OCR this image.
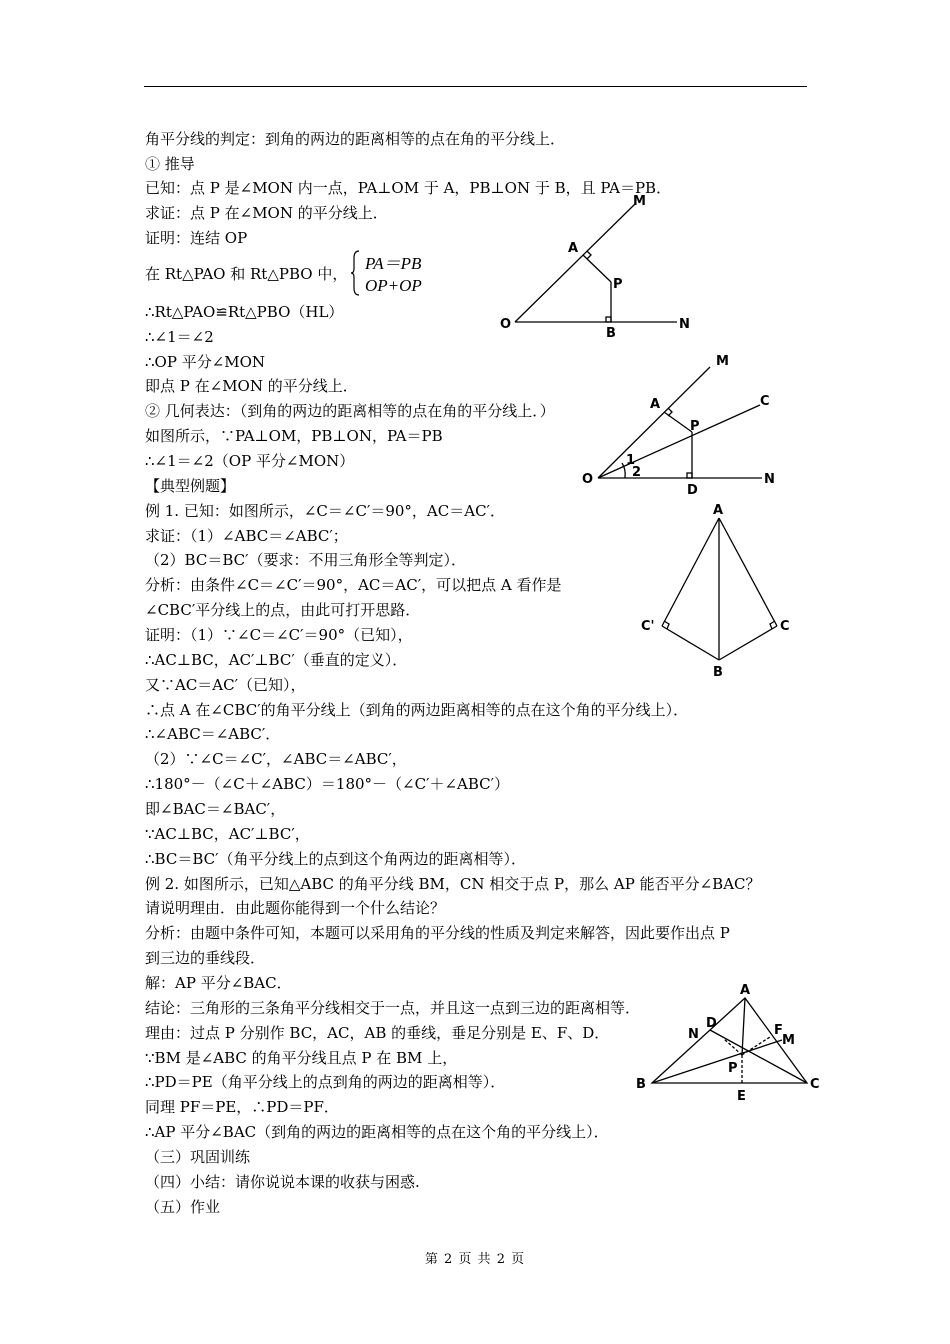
角平分线的判定：到角的两边的距离相等的点在角的平分线上．
① 推导
已知：点 P 是∠MON 内一点，PA⊥OM 于 A，PB⊥ON 于 B，且 PA＝PB．
求证：点 P 在∠MON 的平分线上．
证明：连结 OP
在 Rt△PAO 和 Rt△PBO 中，
∴Rt△PAO≌Rt△PBO（HL）
∴∠1＝∠2
∴OP 平分∠MON
即点 P 在∠MON 的平分线上．
② 几何表达：（到角的两边的距离相等的点在角的平分线上．）
如图所示，∵PA⊥OM，PB⊥ON，PA＝PB
∴∠1＝∠2（OP 平分∠MON）
【典型例题】
例 1. 已知：如图所示，∠C＝∠C′＝90°，AC＝AC′．
求证：（1）∠ABC＝∠ABC′；
（2）BC＝BC′（要求：不用三角形全等判定）．
分析：由条件∠C＝∠C′＝90°，AC＝AC′，可以把点 A 看作是
∠CBC′平分线上的点，由此可打开思路．
证明：（1）∵∠C＝∠C′＝90°（已知），
∴AC⊥BC，AC′⊥BC′（垂直的定义）．
又∵AC＝AC′（已知），
∴点 A 在∠CBC′的角平分线上（到角的两边距离相等的点在这个角的平分线上）．
∴∠ABC＝∠ABC′．
（2）∵∠C＝∠C′，∠ABC＝∠ABC′，
∴180°－（∠C＋∠ABC）＝180°－（∠C′＋∠ABC′）
即∠BAC＝∠BAC′，
∵AC⊥BC，AC′⊥BC′，
∴BC＝BC′（角平分线上的点到这个角两边的距离相等）．
例 2. 如图所示，已知△ABC 的角平分线 BM，CN 相交于点 P，那么 AP 能否平分∠BAC？
请说明理由．由此题你能得到一个什么结论？
分析：由题中条件可知，本题可以采用角的平分线的性质及判定来解答，因此要作出点 P
到三边的垂线段．
解：AP 平分∠BAC．
结论：三角形的三条角平分线相交于一点，并且这一点到三边的距离相等．
理由：过点 P 分别作 BC，AC，AB 的垂线，垂足分别是 E、F、D．
∵BM 是∠ABC 的角平分线且点 P 在 BM 上，
∴PD＝PE（角平分线上的点到角的两边的距离相等）．
同理 PF＝PE，∴PD＝PF．
∴AP 平分∠BAC（到角的两边的距离相等的点在这个角的平分线上）．
（三）巩固训练
（四）小结：请你说说本课的收获与困惑.
（五）作业
PA＝PB
OP+OP
M
A
P
O
B
N
M
A	C
P
1
2
O
D
N
A
C'	C
B
A
D	F
N	M
P
B	C
E
第 2 页 共 2 页
